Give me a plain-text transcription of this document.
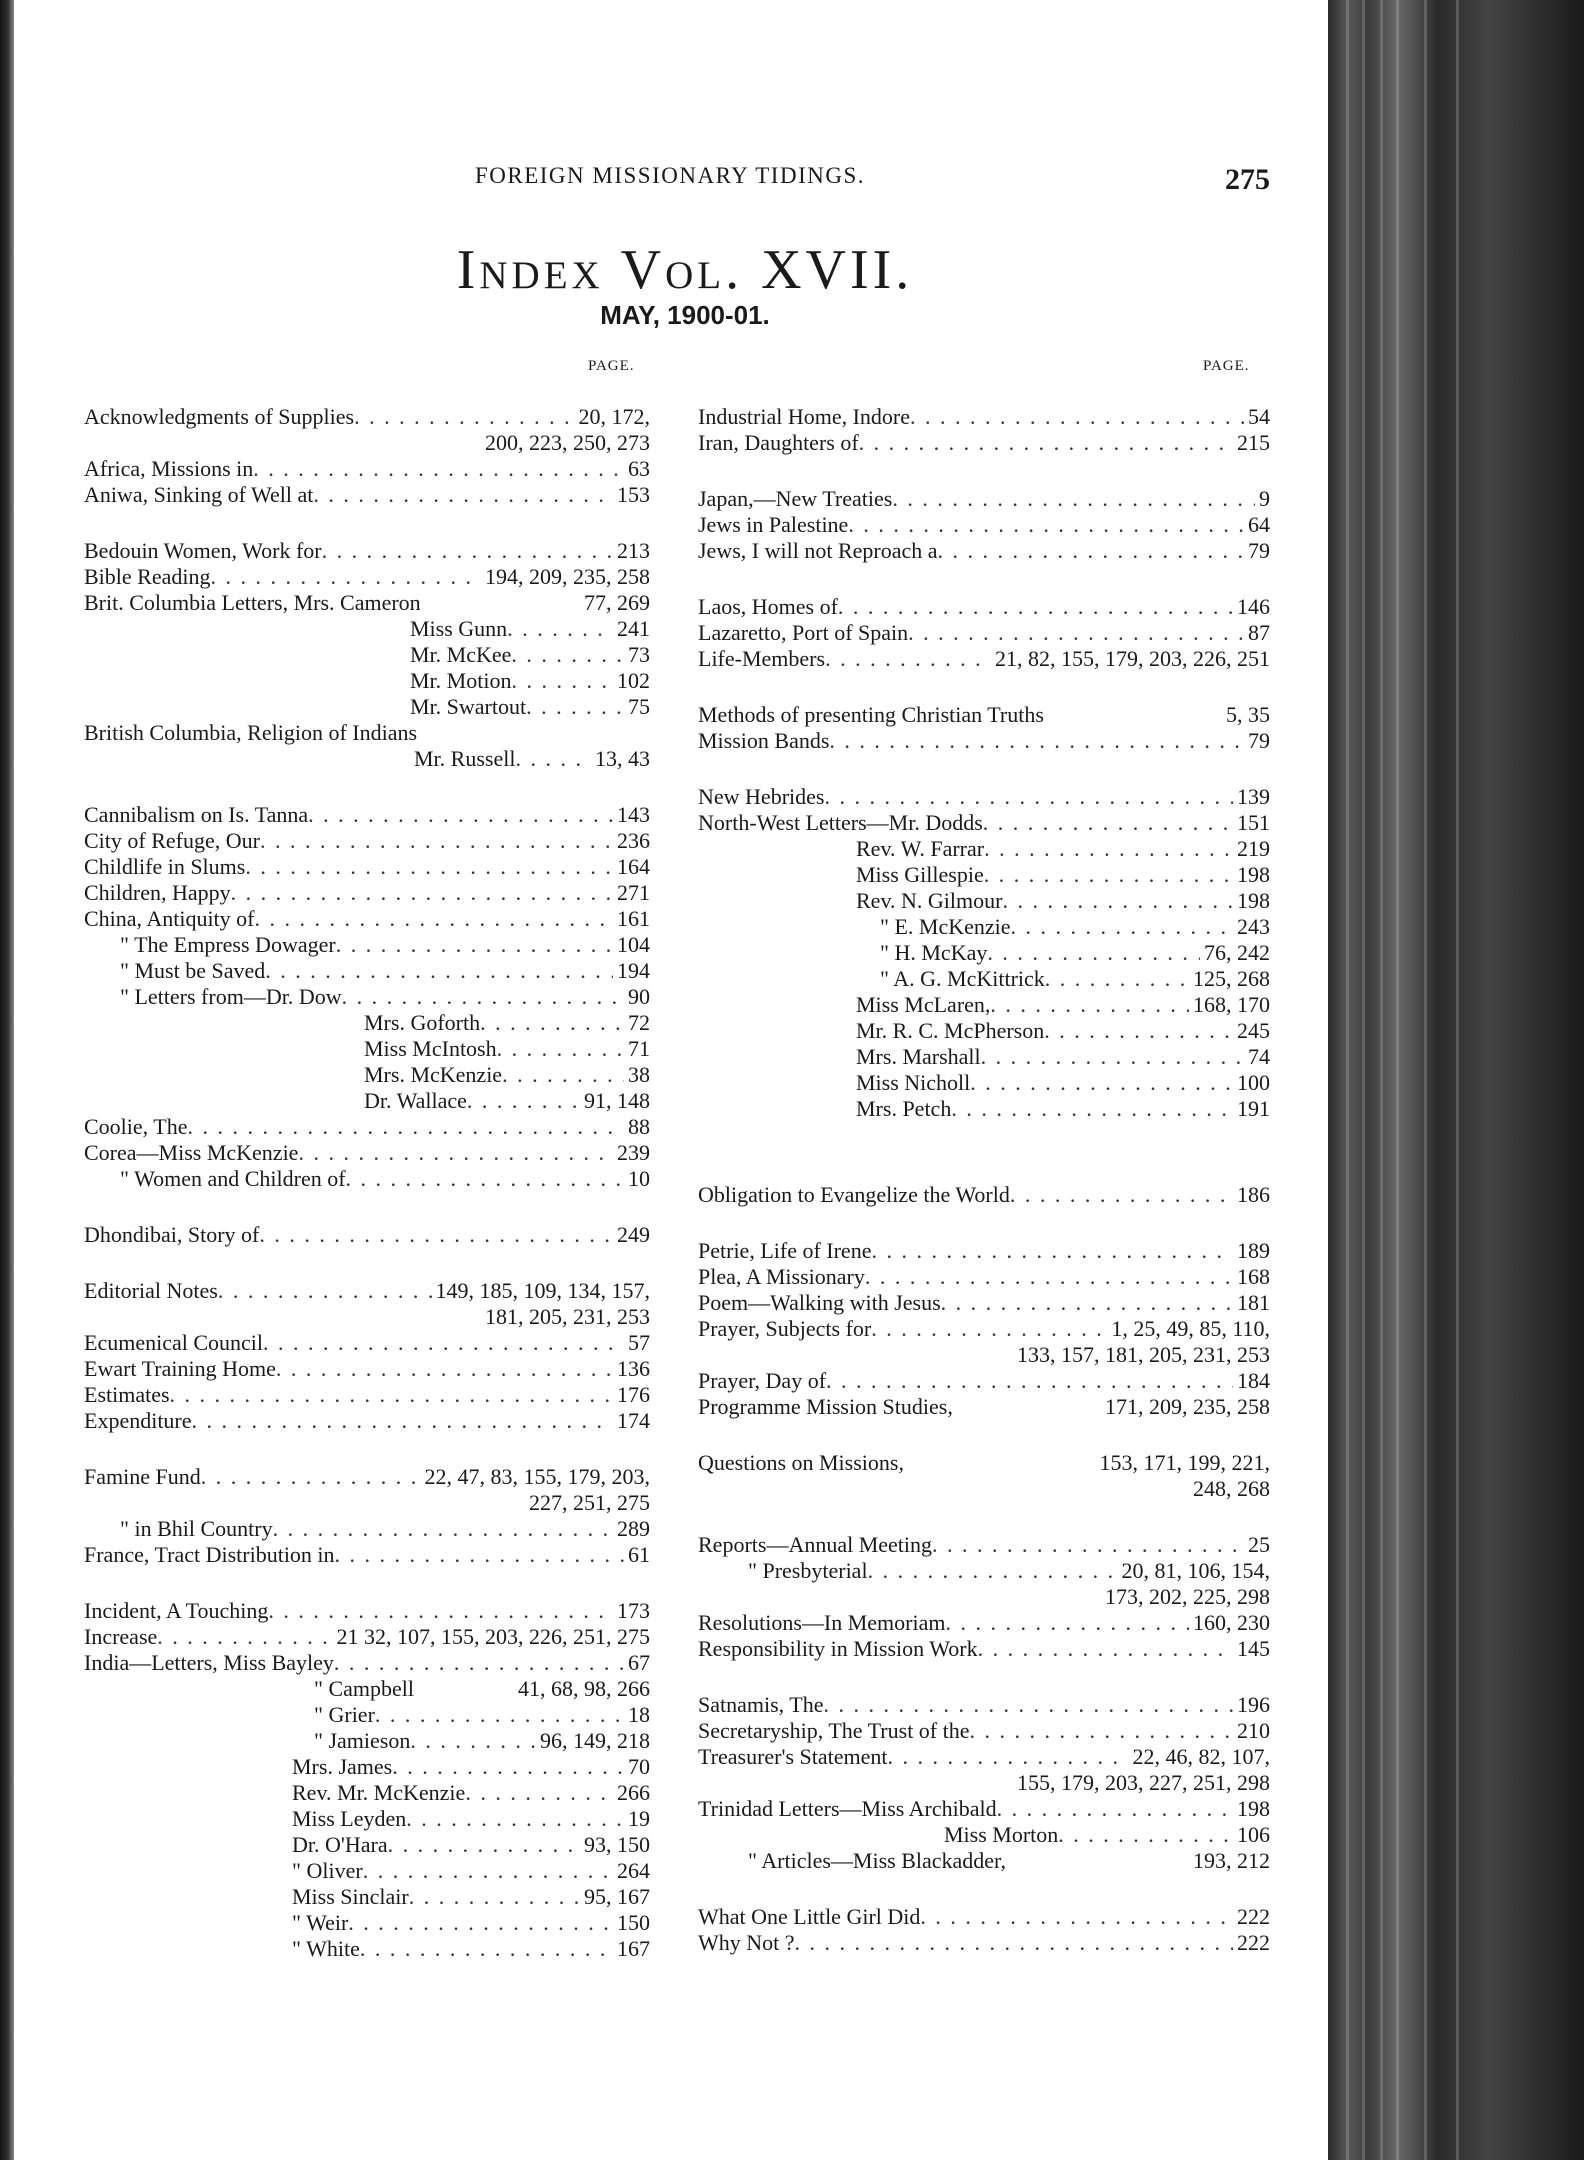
FOREIGN MISSIONARY TIDINGS.	275
Index Vol. XVII.
MAY, 1900-01.
PAGE.	PAGE.
Acknowledgments of Supplies . . .	20, 172,
200, 223, 250, 273
Africa, Missions in . . .	63
Aniwa, Sinking of Well at . . .	153
Bedouin Women, Work for . . .	213
Bible Reading . . .	194, 209, 235, 258
Brit. Columbia Letters, Mrs. Cameron	77, 269
Miss Gunn . . .	241
Mr. McKee . . .	73
Mr. Motion . . .	102
Mr. Swartout . . .	75
British Columbia, Religion of Indians
Mr. Russell . . .	13, 43
Cannibalism on Is. Tanna . . .	143
City of Refuge, Our . . .	236
Childlife in Slums . . .	164
Children, Happy . . .	271
China, Antiquity of . . .	161
" The Empress Dowager . . .	104
" Must be Saved . . .	194
" Letters from—Dr. Dow . . .	90
Mrs. Goforth . . .	72
Miss McIntosh . . .	71
Mrs. McKenzie . . .	38
Dr. Wallace . . .	91, 148
Coolie, The . . .	88
Corea—Miss McKenzie . . .	239
" Women and Children of . . .	10
Dhondibai, Story of . . .	249
Editorial Notes . . .	149, 185, 109, 134, 157,
181, 205, 231, 253
Ecumenical Council . . .	57
Ewart Training Home . . .	136
Estimates . . .	176
Expenditure . . .	174
Famine Fund . . .	22, 47, 83, 155, 179, 203,
227, 251, 275
" in Bhil Country . . .	289
France, Tract Distribution in . . .	61
Incident, A Touching . . .	173
Increase . . .	21 32, 107, 155, 203, 226, 251, 275
India—Letters, Miss Bayley . . .	67
" Campbell	41, 68, 98, 266
" Grier . . .	18
" Jamieson . . .	96, 149, 218
Mrs. James . . .	70
Rev. Mr. McKenzie . . .	266
Miss Leyden . . .	19
Dr. O'Hara . . .	93, 150
" Oliver . . .	264
Miss Sinclair . . .	95, 167
" Weir . . .	150
" White . . .	167
Industrial Home, Indore . . .	54
Iran, Daughters of . . .	215
Japan,—New Treaties . . .	9
Jews in Palestine . . .	64
Jews, I will not Reproach a . . .	79
Laos, Homes of . . .	146
Lazaretto, Port of Spain . . .	87
Life-Members . . .	21, 82, 155, 179, 203, 226, 251
Methods of presenting Christian Truths	5, 35
Mission Bands . . .	79
New Hebrides . . .	139
North-West Letters—Mr. Dodds . . .	151
Rev. W. Farrar . . .	219
Miss Gillespie . . .	198
Rev. N. Gilmour . . .	198
" E. McKenzie . . .	243
" H. McKay . . .	76, 242
" A. G. McKittrick . . .	125, 268
Miss McLaren, . . .	168, 170
Mr. R. C. McPherson . . .	245
Mrs. Marshall . . .	74
Miss Nicholl . . .	100
Mrs. Petch . . .	191
Obligation to Evangelize the World . . .	186
Petrie, Life of Irene . . .	189
Plea, A Missionary . . .	168
Poem—Walking with Jesus . . .	181
Prayer, Subjects for . . .	1, 25, 49, 85, 110,
133, 157, 181, 205, 231, 253
Prayer, Day of . . .	184
Programme Mission Studies,	171, 209, 235, 258
Questions on Missions,	153, 171, 199, 221,
248, 268
Reports—Annual Meeting . . .	25
" Presbyterial . . .	20, 81, 106, 154,
173, 202, 225, 298
Resolutions—In Memoriam . . .	160, 230
Responsibility in Mission Work . . .	145
Satnamis, The . . .	196
Secretaryship, The Trust of the . . .	210
Treasurer's Statement . . .	22, 46, 82, 107,
155, 179, 203, 227, 251, 298
Trinidad Letters—Miss Archibald . . .	198
Miss Morton . . .	106
" Articles—Miss Blackadder,	193, 212
What One Little Girl Did . . .	222
Why Not ? . . .	222
